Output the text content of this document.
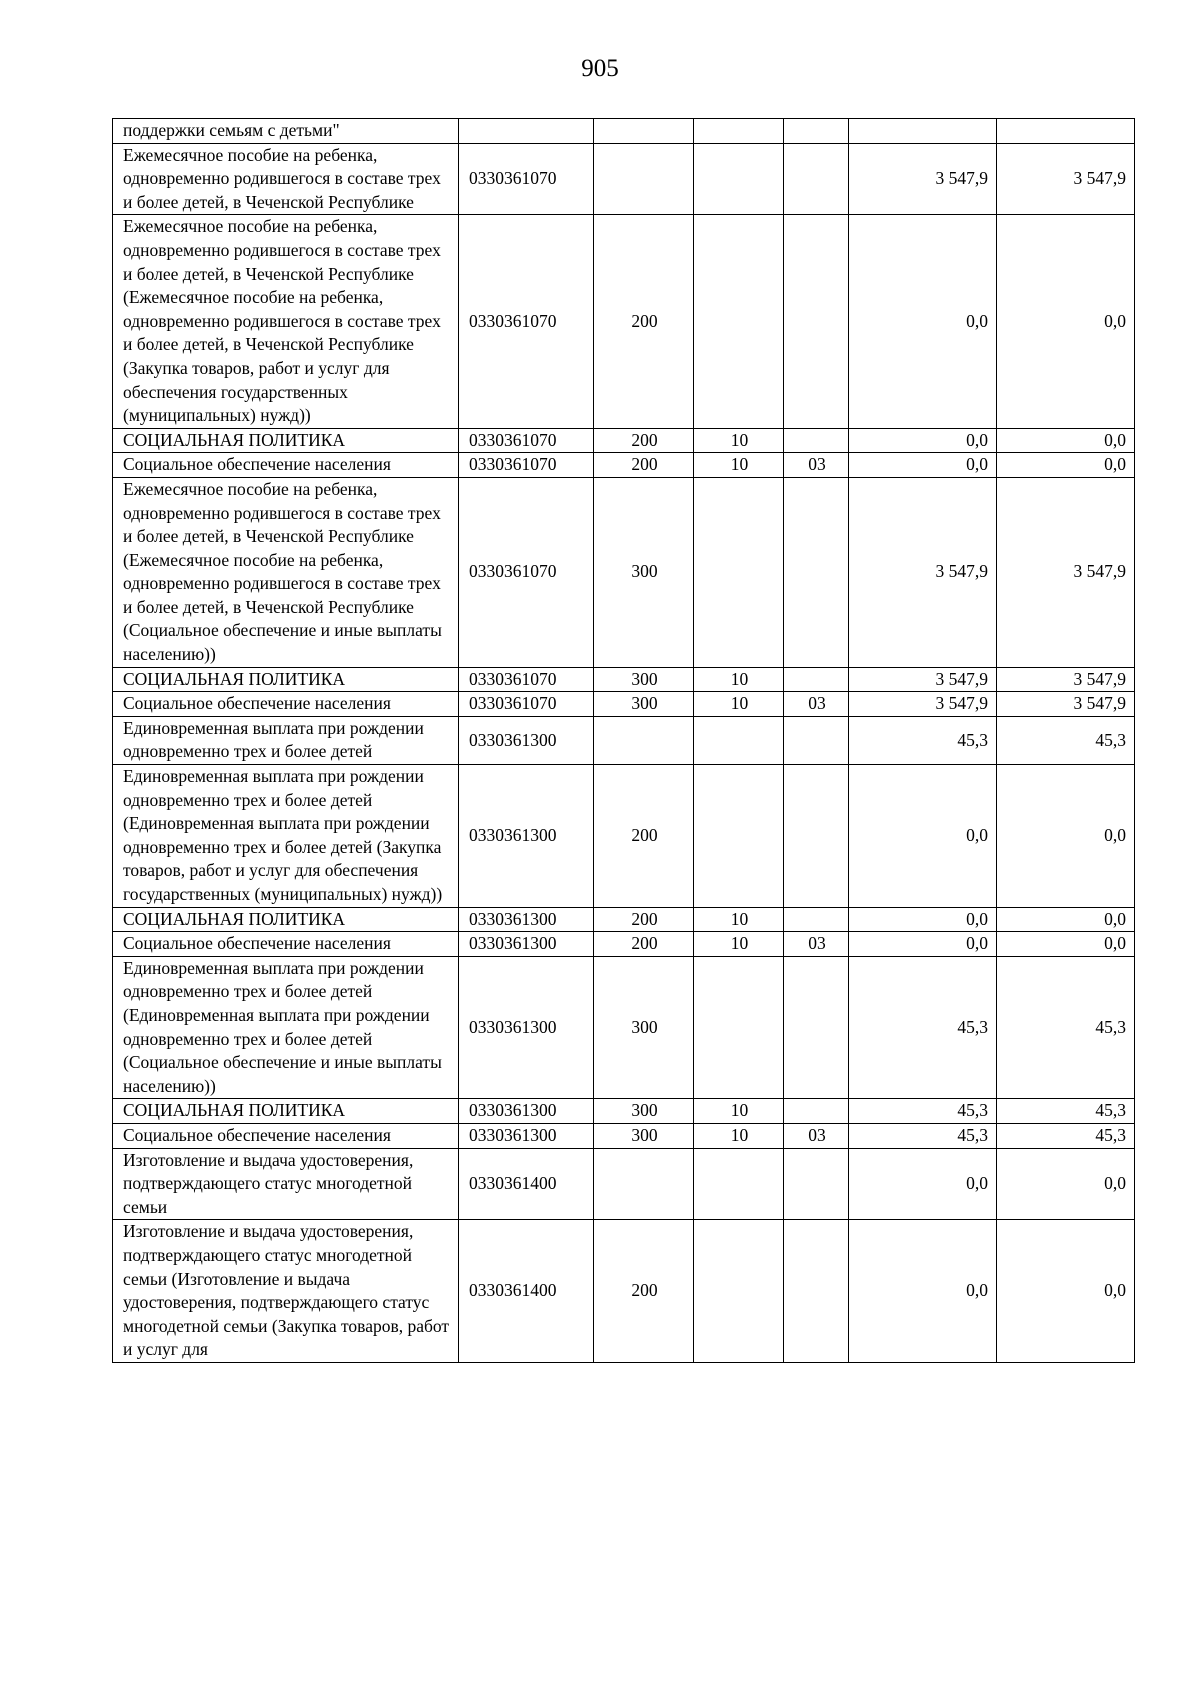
905
поддержки семьям с детьми"						
Ежемесячное пособие на ребенка, одновременно родившегося в составе трех и более детей, в Чеченской Республике	0330361070				3 547,9	3 547,9
Ежемесячное пособие на ребенка, одновременно родившегося в составе трех и более детей, в Чеченской Республике (Ежемесячное пособие на ребенка, одновременно родившегося в составе трех и более детей, в Чеченской Республике (Закупка товаров, работ и услуг для обеспечения государственных (муниципальных) нужд))	0330361070	200			0,0	0,0
СОЦИАЛЬНАЯ ПОЛИТИКА	0330361070	200	10		0,0	0,0
Социальное обеспечение населения	0330361070	200	10	03	0,0	0,0
Ежемесячное пособие на ребенка, одновременно родившегося в составе трех и более детей, в Чеченской Республике (Ежемесячное пособие на ребенка, одновременно родившегося в составе трех и более детей, в Чеченской Республике (Социальное обеспечение и иные выплаты населению))	0330361070	300			3 547,9	3 547,9
СОЦИАЛЬНАЯ ПОЛИТИКА	0330361070	300	10		3 547,9	3 547,9
Социальное обеспечение населения	0330361070	300	10	03	3 547,9	3 547,9
Единовременная выплата при рождении одновременно трех и более детей	0330361300				45,3	45,3
Единовременная выплата при рождении одновременно трех и более детей (Единовременная выплата при рождении одновременно трех и более детей (Закупка товаров, работ и услуг для обеспечения государственных (муниципальных) нужд))	0330361300	200			0,0	0,0
СОЦИАЛЬНАЯ ПОЛИТИКА	0330361300	200	10		0,0	0,0
Социальное обеспечение населения	0330361300	200	10	03	0,0	0,0
Единовременная выплата при рождении одновременно трех и более детей (Единовременная выплата при рождении одновременно трех и более детей (Социальное обеспечение и иные выплаты населению))	0330361300	300			45,3	45,3
СОЦИАЛЬНАЯ ПОЛИТИКА	0330361300	300	10		45,3	45,3
Социальное обеспечение населения	0330361300	300	10	03	45,3	45,3
Изготовление и выдача удостоверения, подтверждающего статус многодетной семьи	0330361400				0,0	0,0
Изготовление и выдача удостоверения, подтверждающего статус многодетной семьи (Изготовление и выдача удостоверения, подтверждающего статус многодетной семьи (Закупка товаров, работ и услуг для	0330361400	200			0,0	0,0
